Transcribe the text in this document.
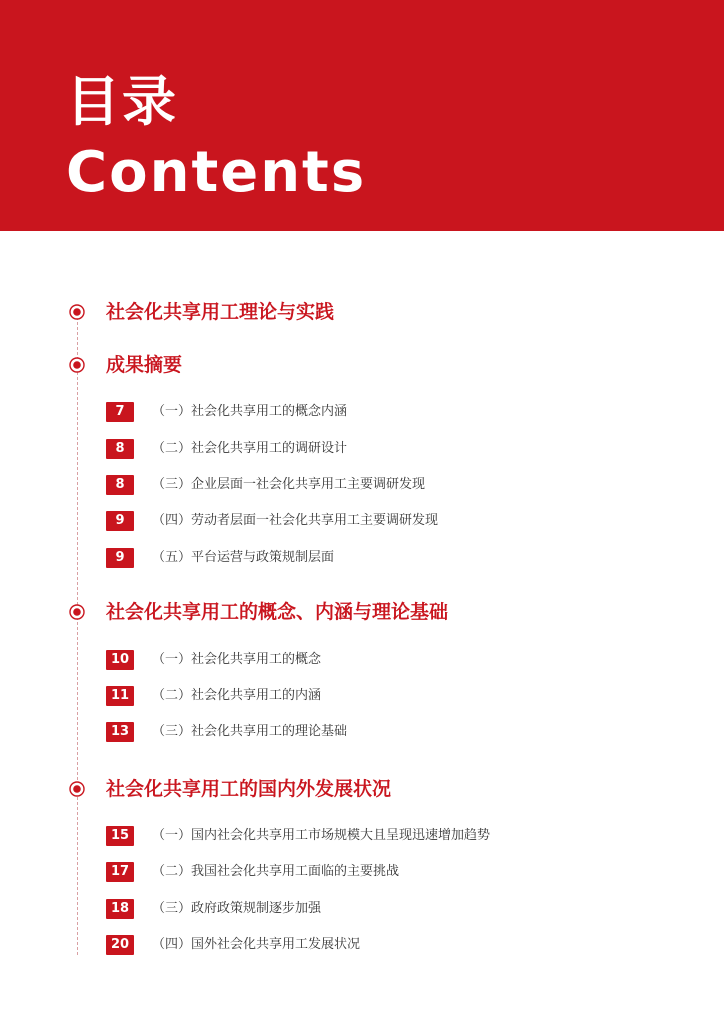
目录
Contents
社会化共享用工理论与实践
成果摘要
7	（一）社会化共享用工的概念内涵
8	（二）社会化共享用工的调研设计
8	（三）企业层面一社会化共享用工主要调研发现
9	（四）劳动者层面一社会化共享用工主要调研发现
9	（五）平台运营与政策规制层面
社会化共享用工的概念、内涵与理论基础
10	（一）社会化共享用工的概念
11	（二）社会化共享用工的内涵
13	（三）社会化共享用工的理论基础
社会化共享用工的国内外发展状况
15	（一）国内社会化共享用工市场规模大且呈现迅速增加趋势
17	（二）我国社会化共享用工面临的主要挑战
18	（三）政府政策规制逐步加强
20	（四）国外社会化共享用工发展状况
